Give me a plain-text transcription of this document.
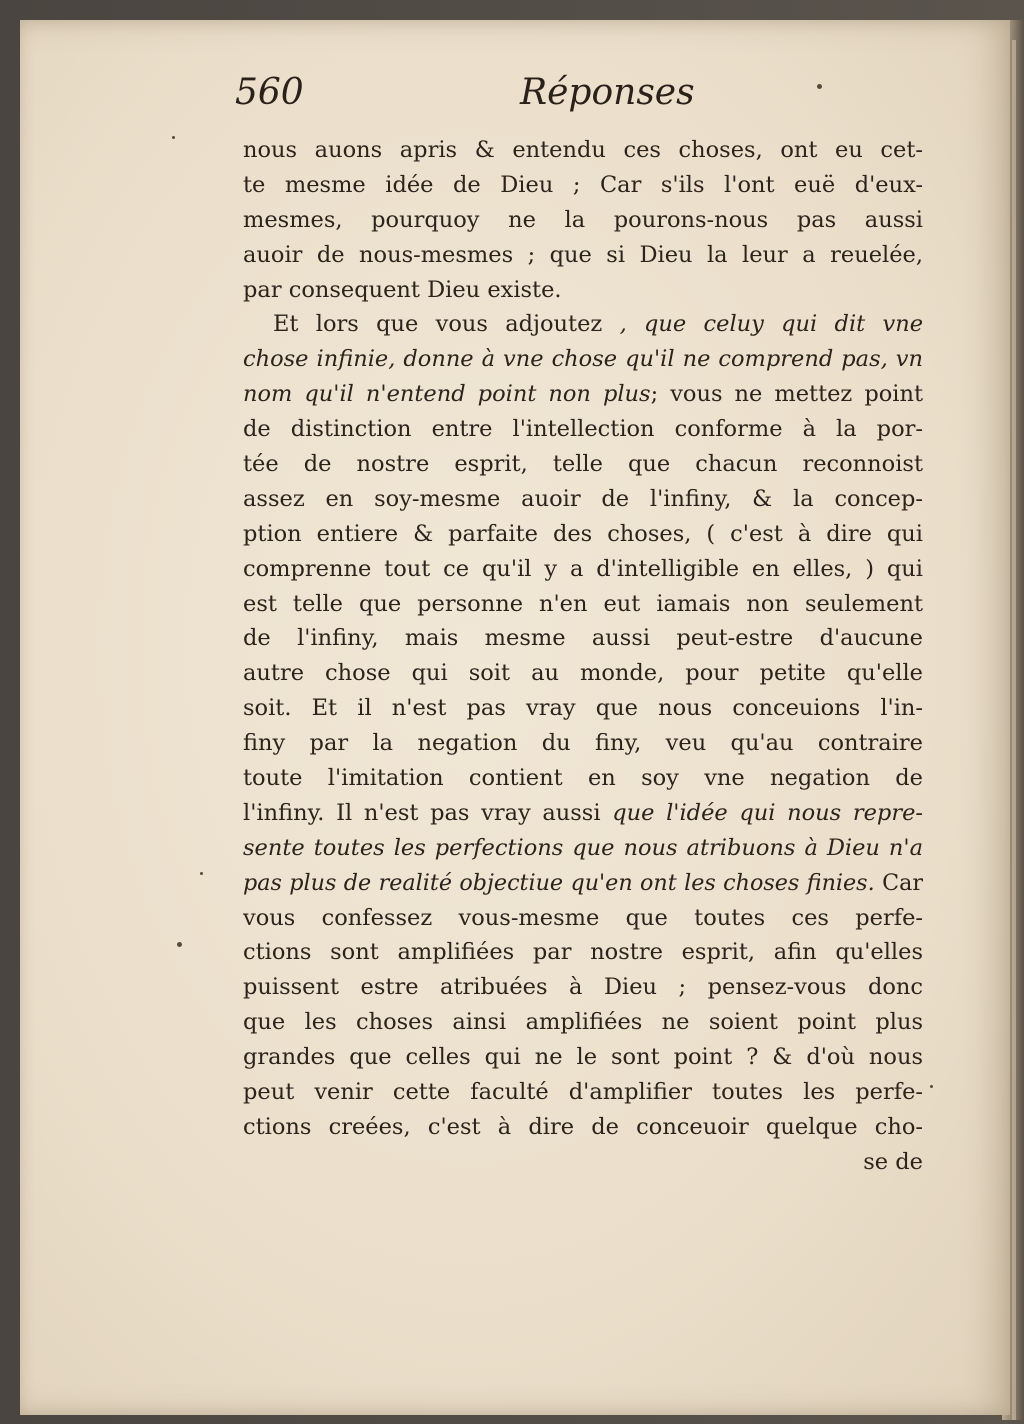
560	Réponses
nous auons apris & entendu ces choses, ont eu cet-
te mesme idée de Dieu ; Car s'ils l'ont euë d'eux-
mesmes, pourquoy ne la pourons-nous pas aussi
auoir de nous-mesmes ; que si Dieu la leur a reuelée,
par consequent Dieu existe.
Et lors que vous adjoutez , que celuy qui dit vne
chose infinie, donne à vne chose qu'il ne comprend pas, vn
nom qu'il n'entend point non plus; vous ne mettez point
de distinction entre l'intellection conforme à la por-
tée de nostre esprit, telle que chacun reconnoist
assez en soy-mesme auoir de l'infiny, & la concep-
ption entiere & parfaite des choses, ( c'est à dire qui
comprenne tout ce qu'il y a d'intelligible en elles, ) qui
est telle que personne n'en eut iamais non seulement
de l'infiny, mais mesme aussi peut-estre d'aucune
autre chose qui soit au monde, pour petite qu'elle
soit. Et il n'est pas vray que nous conceuions l'in-
finy par la negation du finy, veu qu'au contraire
toute l'imitation contient en soy vne negation de
l'infiny. Il n'est pas vray aussi que l'idée qui nous repre-
sente toutes les perfections que nous atribuons à Dieu n'a
pas plus de realité objectiue qu'en ont les choses finies. Car
vous confessez vous-mesme que toutes ces perfe-
ctions sont amplifiées par nostre esprit, afin qu'elles
puissent estre atribuées à Dieu ; pensez-vous donc
que les choses ainsi amplifiées ne soient point plus
grandes que celles qui ne le sont point ? & d'où nous
peut venir cette faculté d'amplifier toutes les perfe-
ctions creées, c'est à dire de conceuoir quelque cho-
se de
